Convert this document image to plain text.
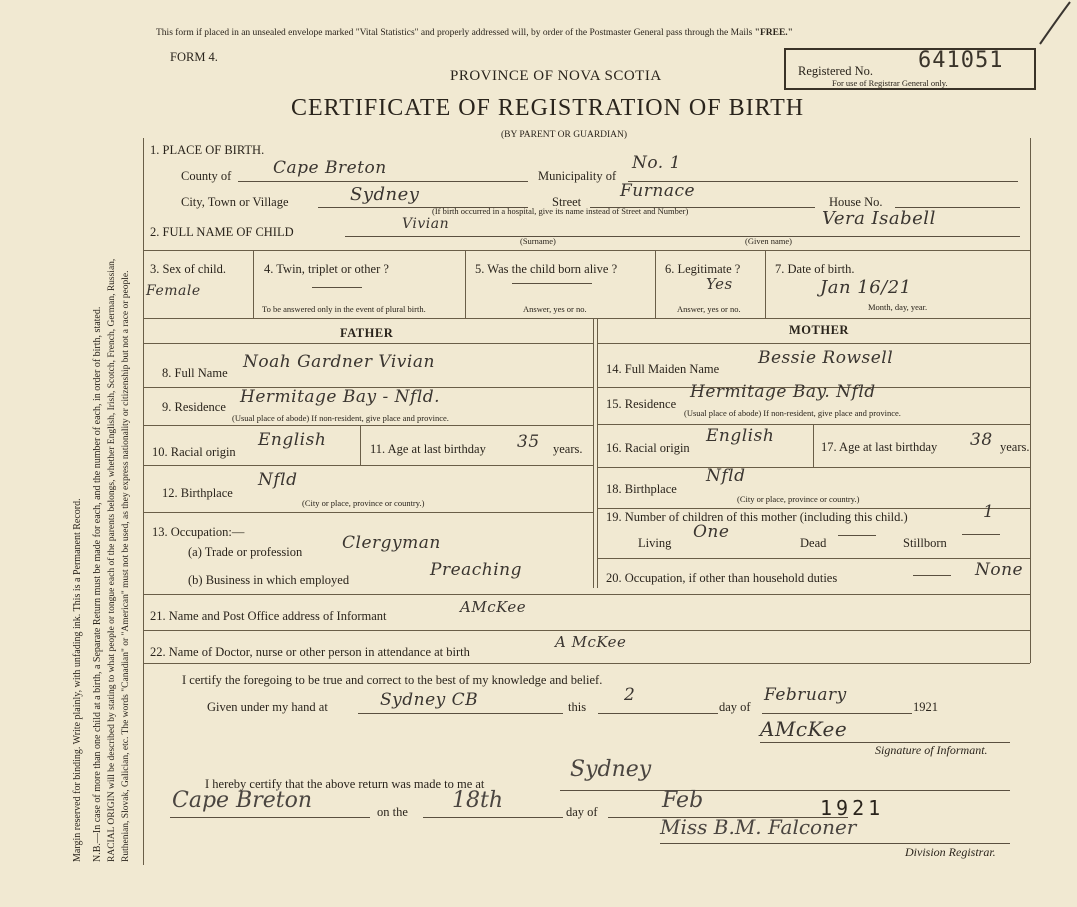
Margin reserved for binding. Write plainly, with unfading ink. This is a Permanent Record. N.B.—In case of more than one child at a birth, a Separate Return must be made for each, and the number of each, in order of birth, stated. RACIAL ORIGIN will be described by stating to what people or tongue each of the parents belongs, whether English, Irish, Scotch, French, German, Russian, Ruthenian, Slovak, Galician, etc. The words "Canadian" or "American" must not be used, as they express nationality or citizenship but not a race or people.
This form if placed in an unsealed envelope marked "Vital Statistics" and properly addressed will, by order of the Postmaster General pass through the Mails "FREE."
FORM 4.
PROVINCE OF NOVA SCOTIA
CERTIFICATE OF REGISTRATION OF BIRTH
(BY PARENT OR GUARDIAN)
Registered No. 641051
For use of Registrar General only.
1. PLACE OF BIRTH.
County of Cape Breton	Municipality of
No. 1
City, Town or Village	Sydney	Street
Furnace
House No.
(If birth occurred in a hospital, give its name instead of Street and Number)
2. FULL NAME OF CHILD	Vivian
(Surname)
Vera Isabell
(Given name)
3. Sex of child.
Female
4. Twin, triplet or other ?
To be answered only in the event of plural birth.
5. Was the child born alive ?
Answer, yes or no.
6. Legitimate ?
Yes
Answer, yes or no.
7. Date of birth.
Jan 16/21
Month, day, year.
FATHER	MOTHER
8. Full Name
Noah Gardner Vivian
9. Residence Hermitage Bay - Nfld.
(Usual place of abode) If non-resident, give place and province.
10. Racial origin
English	11. Age at last birthday 35 years.
12. Birthplace
Nfld
(City or place, province or country.)
13. Occupation:—
(a) Trade or profession Clergyman
(b) Business in which employed	Preaching
14. Full Maiden Name
Bessie Rowsell
15. Residence
Hermitage Bay. Nfld
(Usual place of abode) If non-resident, give place and province.
16. Racial origin
English
17. Age at last birthday 38 years.
18. Birthplace
Nfld
(City or place, province or country.)
19. Number of children of this mother (including this child.)	1
Living
One
Dead	Stillborn
20. Occupation, if other than household duties	None
21. Name and Post Office address of Informant	AMcKee
22. Name of Doctor, nurse or other person in attendance at birth
A McKee
I certify the foregoing to be true and correct to the best of my knowledge and belief.
Given under my hand at	Sydney CB	this
2
day of
February
1921
AMcKee
Signature of Informant.
I hereby certify that the above return was made to me at
Sydney
Cape Breton	on the 18th	day of	Feb	1921
Miss B.M. Falconer
Division Registrar.
